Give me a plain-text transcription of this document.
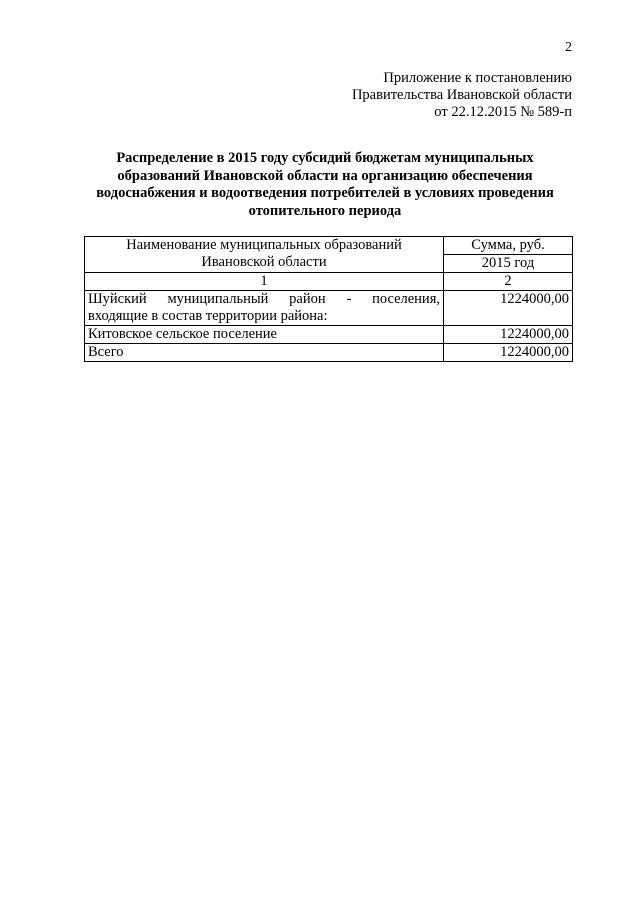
2
Приложение к постановлению
Правительства Ивановской области
от 22.12.2015 № 589-п
Распределение в 2015 году субсидий бюджетам муниципальных
образований Ивановской области на организацию обеспечения
водоснабжения и водоотведения потребителей в условиях проведения
отопительного периода
Наименование муниципальных образований
Ивановской области	Сумма, руб.
	2015 год
1	2

Шуйский муниципальный район - поселения,
входящие в состав территории района:	1224000,00
Китовское сельское поселение	1224000,00
Всего	1224000,00
